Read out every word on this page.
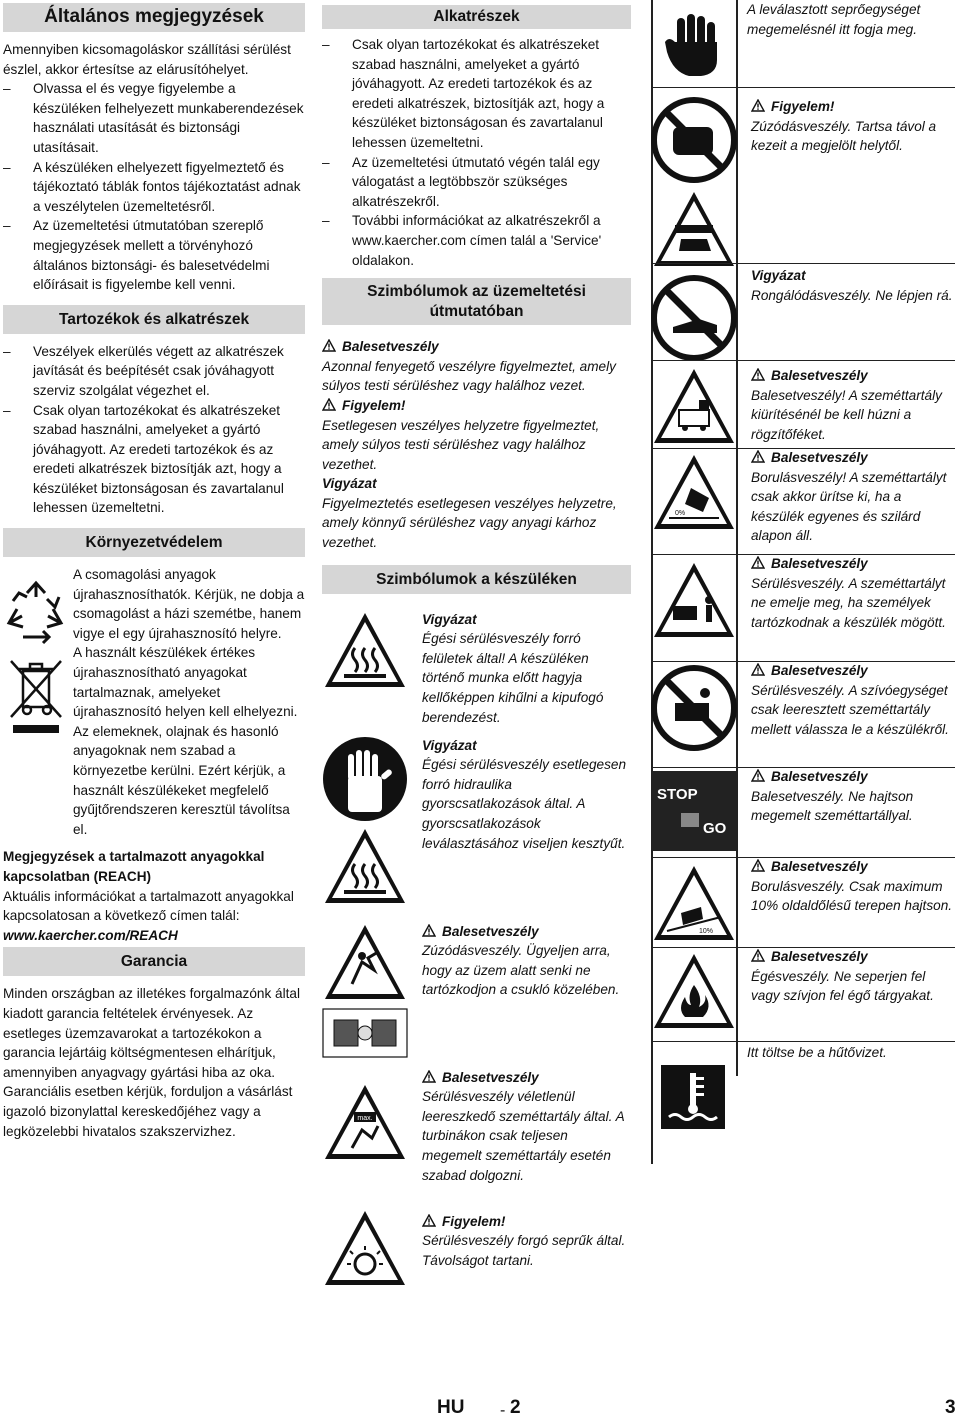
Általános megjegyzések

Amennyiben kicsomagoláskor szállítási sérülést észlel, akkor értesítse az elárusítóhelyet.

– Olvassa el és vegye figyelembe a készüléken felhelyezett munkaberendezések használati utasítását és biztonsági utasításait.
– A készüléken elhelyezett figyelmeztető és tájékoztató táblák fontos tájékoztatást adnak a veszélytelen üzemeltetésről.
– Az üzemeltetési útmutatóban szereplő megjegyzések mellett a törvényhozó általános biztonsági- és balesetvédelmi előírásait is figyelembe kell venni.
Tartozékok és alkatrészek
– Veszélyek elkerülés végett az alkatrészek javítását és beépítését csak jóváhagyott szerviz szolgálat végezhet el.
– Csak olyan tartozékokat és alkatrészeket szabad használni, amelyeket a gyártó jóváhagyott. Az eredeti tartozékok és az eredeti alkatrészek biztosítják azt, hogy a készüléket biztonságosan és zavartalanul lehessen üzemeltetni.
Környezetvédelem

A csomagolási anyagok újrahasznosíthatók. Kérjük, ne dobja a csomagolást a házi szemétbe, hanem vigye el egy újrahasznosító helyre.

A használt készülékek értékes újrahasznosítható anyagokat tartalmaznak, amelyeket újrahasznosító helyen kell elhelyezni. Az elemeknek, olajnak és hasonló anyagoknak nem szabad a környezetbe kerülni. Ezért kérjük, a használt készülékeket megfelelő gyűjtőrendszeren keresztül távolítsa el.

Megjegyzések a tartalmazott anyagokkal kapcsolatban (REACH)

Aktuális információkat a tartalmazott anyagokkal kapcsolatosan a következő címen talál:

www.kaercher.com/REACH

Garancia

Minden országban az illetékes forgalmazónk által kiadott garancia feltételek érvényesek. Az esetleges üzemzavarokat a tartozékokon a garancia lejártáig költségmentesen elhárítjuk, amennyiben anyagvagy gyártási hiba az oka. Garanciális esetben kérjük, forduljon a vásárlást igazoló bizonylattal kereskedőjéhez vagy a legközelebbi hivatalos szakszervizhez.

Alkatrészek
– Csak olyan tartozékokat és alkatrészeket szabad használni, amelyeket a gyártó jóváhagyott. Az eredeti tartozékok és az eredeti alkatrészek, biztosítják azt, hogy a készüléket biztonságosan és zavartalanul lehessen üzemeltetni.
– Az üzemeltetési útmutató végén talál egy válogatást a legtöbbször szükséges alkatrészekről.
– További információkat az alkatrészekről a www.kaercher.com címen talál a 'Service' oldalakon.
Szimbólumok az üzemeltetési útmutatóban

Balesetveszély

Azonnal fenyegető veszélyre figyelmeztet, amely súlyos testi sérüléshez vagy halálhoz vezet.

Figyelem!

Esetlegesen veszélyes helyzetre figyelmeztet, amely súlyos testi sérüléshez vagy halálhoz vezethet.

Vigyázat

Figyelmeztetés esetlegesen veszélyes helyzetre, amely könnyű sérüléshez vagy anyagi kárhoz vezethet.

Szimbólumok a készüléken

Vigyázat

Égési sérülésveszély forró felületek által! A készüléken történő munka előtt hagyja kellőképpen kihűlni a kipufogó berendezést.

Vigyázat

Égési sérülésveszély esetlegesen forró hidraulika gyorscsatlakozások által. A gyorscsatlakozások leválasztásához viseljen kesztyűt.

Balesetveszély

Zúzódásveszély. Ügyeljen arra, hogy az üzem alatt senki ne tartózkodjon a csukló közelében.

max.

Balesetveszély

Sérülésveszély véletlenül leereszkedő szeméttartály által. A turbinákon csak teljesen megemelt szeméttartály esetén szabad dolgozni.

Figyelem!

Sérülésveszély forgó seprűk által. Távolságot tartani.

A leválasztott seprőegységet megemelésnél itt fogja meg.

Figyelem!

Zúzódásveszély. Tartsa távol a kezeit a megjelölt helytől.

Vigyázat

Rongálódásveszély. Ne lépjen rá.

Balesetveszély

Balesetveszély! A szeméttartály kiürítésénél be kell húzni a rögzítőféket.

0%

Balesetveszély

Borulásveszély! A szeméttartályt csak akkor ürítse ki, ha a készülék egyenes és szilárd alapon áll.

Balesetveszély

Sérülésveszély. A szeméttartályt ne emelje meg, ha személyek tartózkodnak a készülék mögött.

Balesetveszély

Sérülésveszély. A szívóegységet csak leeresztett szeméttartály mellett válassza le a készülékről.

STOP
GO

Balesetveszély

Balesetveszély. Ne hajtson megemelt szeméttartállyal.

10%

Balesetveszély

Borulásveszély. Csak maximum 10% oldaldőlésű terepen hajtson.

Balesetveszély

Égésveszély. Ne seperjen fel vagy szívjon fel égő tárgyakat.

Itt töltse be a hűtővizet.

HU - 2	3
